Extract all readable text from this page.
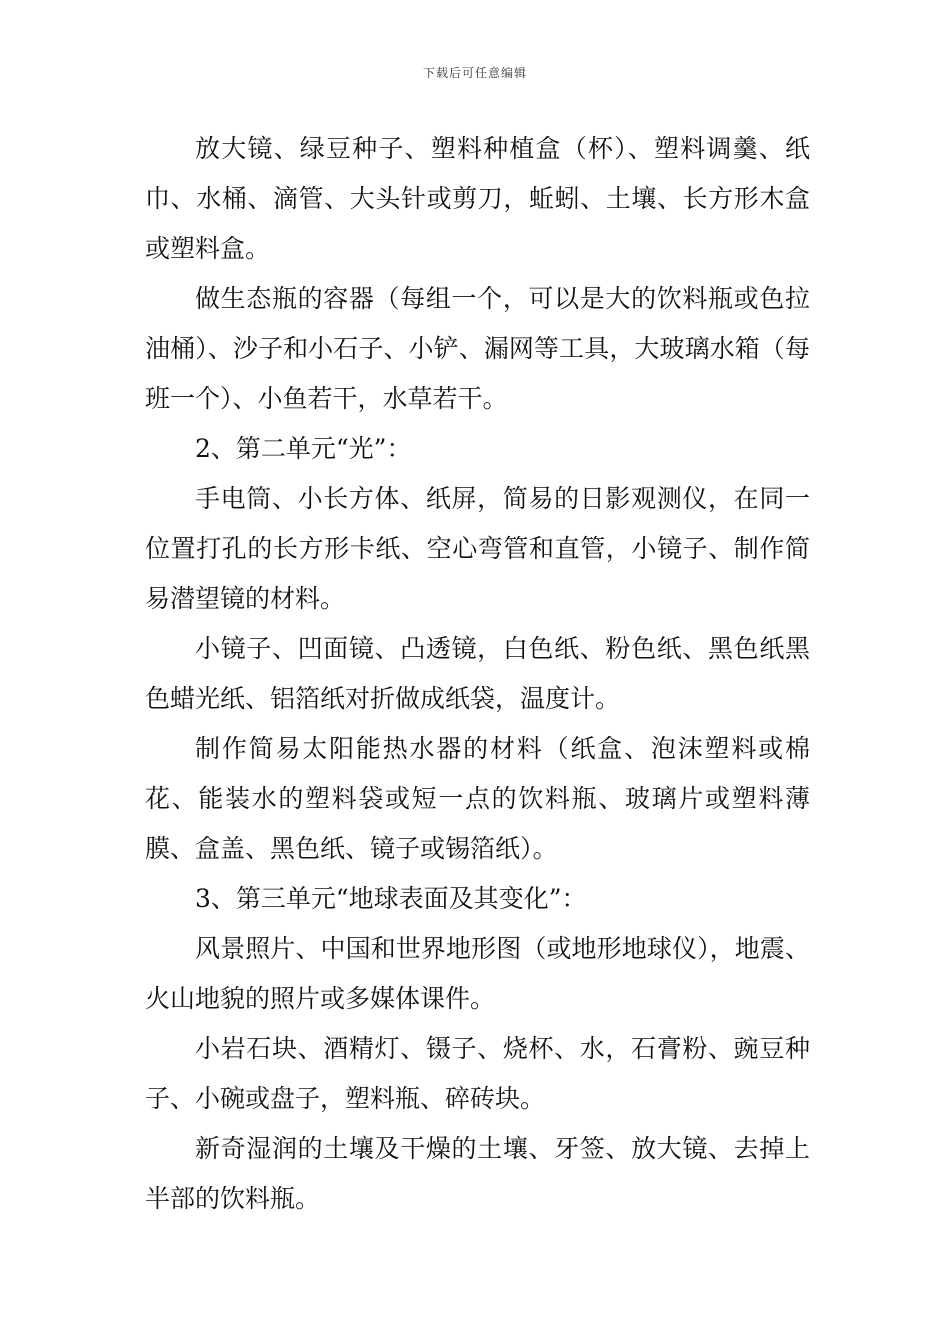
下载后可任意编辑

放大镜、绿豆种子、塑料种植盒（杯）、塑料调羹、纸巾、水桶、滴管、大头针或剪刀，蚯蚓、土壤、长方形木盒或塑料盒。

做生态瓶的容器（每组一个，可以是大的饮料瓶或色拉油桶）、沙子和小石子、小铲、漏网等工具，大玻璃水箱（每班一个）、小鱼若干，水草若干。

2、第二单元“光”：

手电筒、小长方体、纸屏，简易的日影观测仪，在同一位置打孔的长方形卡纸、空心弯管和直管，小镜子、制作简易潜望镜的材料。

小镜子、凹面镜、凸透镜，白色纸、粉色纸、黑色纸黑色蜡光纸、铝箔纸对折做成纸袋，温度计。

制作简易太阳能热水器的材料（纸盒、泡沫塑料或棉花、能装水的塑料袋或短一点的饮料瓶、玻璃片或塑料薄膜、盒盖、黑色纸、镜子或锡箔纸）。

3、第三单元“地球表面及其变化”：

风景照片、中国和世界地形图（或地形地球仪），地震、火山地貌的照片或多媒体课件。

小岩石块、酒精灯、镊子、烧杯、水，石膏粉、豌豆种子、小碗或盘子，塑料瓶、碎砖块。

新奇湿润的土壤及干燥的土壤、牙签、放大镜、去掉上半部的饮料瓶。
